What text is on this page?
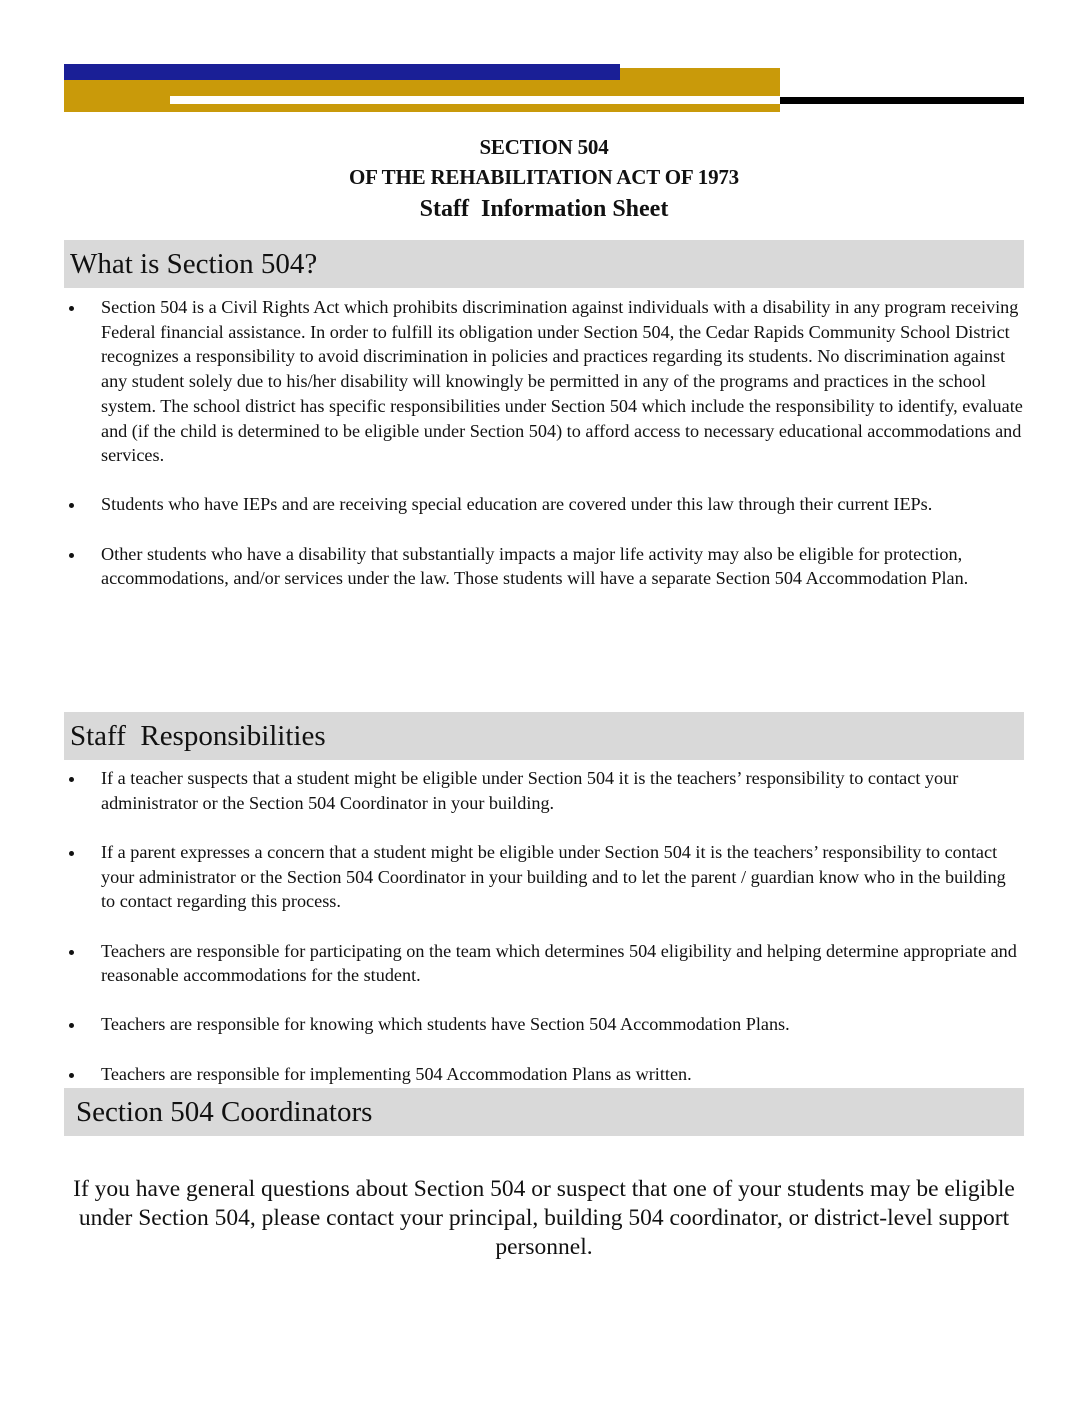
SECTION 504
OF THE REHABILITATION ACT OF 1973
Staff  Information Sheet
What is Section 504?
Section 504 is a Civil Rights Act which prohibits discrimination against individuals with a disability in any program receiving Federal financial assistance. In order to fulfill its obligation under Section 504, the Cedar Rapids Community School District recognizes a responsibility to avoid discrimination in policies and practices regarding its students. No discrimination against any student solely due to his/her disability will knowingly be permitted in any of the programs and practices in the school system. The school district has specific responsibilities under Section 504 which include the responsibility to identify, evaluate and (if the child is determined to be eligible under Section 504) to afford access to necessary educational accommodations and services.
Students who have IEPs and are receiving special education are covered under this law through their current IEPs.
Other students who have a disability that substantially impacts a major life activity may also be eligible for protection, accommodations, and/or services under the law. Those students will have a separate Section 504 Accommodation Plan.
Staff  Responsibilities
If a teacher suspects that a student might be eligible under Section 504 it is the teachers’ responsibility to contact your administrator or the Section 504 Coordinator in your building.
If a parent expresses a concern that a student might be eligible under Section 504 it is the teachers’ responsibility to contact your administrator or the Section 504 Coordinator in your building and to let the parent / guardian know who in the building to contact regarding this process.
Teachers are responsible for participating on the team which determines 504 eligibility and helping determine appropriate and reasonable accommodations for the student.
Teachers are responsible for knowing which students have Section 504 Accommodation Plans.
Teachers are responsible for implementing 504 Accommodation Plans as written.
Section 504 Coordinators
If you have general questions about Section 504 or suspect that one of your students may be eligible under Section 504, please contact your principal, building 504 coordinator, or district-level support personnel.
